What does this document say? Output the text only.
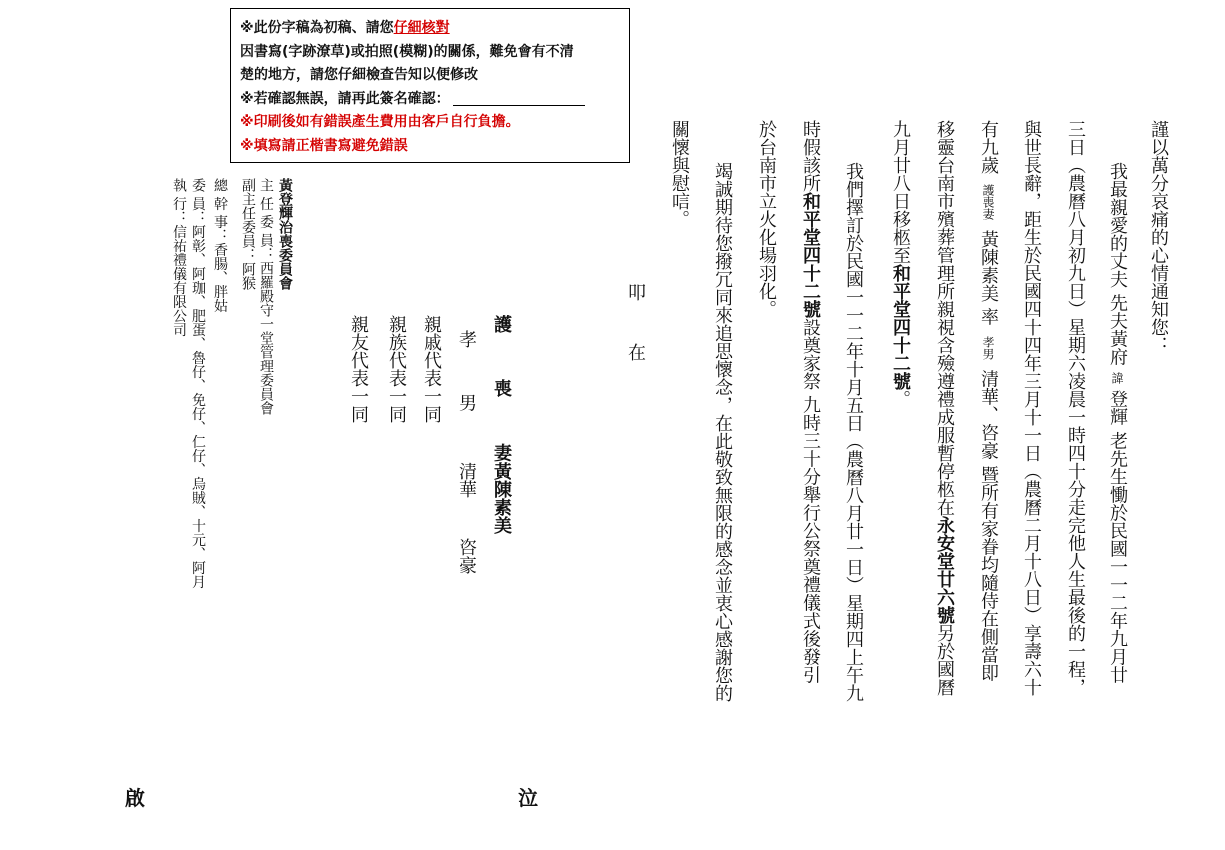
※此份字稿為初稿、請您仔細核對
因書寫(字跡潦草)或拍照(模糊)的關係，難免會有不清
楚的地方，請您仔細檢查告知以便修改
※若確認無誤，請再此簽名確認：
※印刷後如有錯誤產生費用由客戶自行負擔。
※填寫請正楷書寫避免錯誤	謹以萬分哀痛的心情通知您：
我最親愛的丈夫 先夫黃府諱登輝 老先生慟於民國一一二年九月廿
三日（農曆八月初九日）星期六凌晨一時四十分走完他人生最後的一程，
與世長辭，距生於民國四十四年三月十一日（農曆二月十八日）享壽六十
有九歲護喪妻黃陳素美 率孝男清華、咨豪 暨所有家眷均隨侍在側當即
移靈台南市殯葬管理所親視含殮遵禮成服暫停柩在永安堂廿六號另於國曆
九月廿八日移柩至和平堂四十二號。
我們擇訂於民國一一二年十月五日（農曆八月廿一日）星期四上午九
時假該所和平堂四十二號設奠家祭 九時三十分舉行公祭奠禮儀式後發引
於台南市立火化場羽化。
竭誠期待您撥冗同來追思懷念，在此敬致無限的感念並衷心感謝您的
關懷與慰唁。
叩
在
護 喪 妻
黃陳素美
孝 男
清華
咨豪
親戚代表一同
親族代表一同
親友代表一同
黃登輝治喪委員會
主 任 委 員：西羅殿守一堂管理委員會
副主任委員：阿猴
總 幹 事：香腸、胖姑
委 員：阿彰、阿珈、肥蛋、魯仔、免仔、仁仔、烏賊、十元、阿月
執 行：信祐禮儀有限公司
啟	泣
